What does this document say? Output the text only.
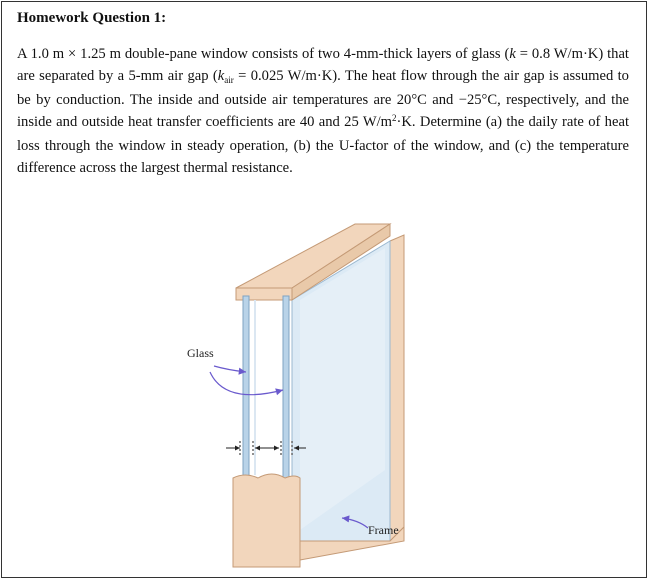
Homework Question 1:

A 1.0 m × 1.25 m double-pane window consists of two 4-mm-thick layers of glass (k = 0.8 W/m·K) that are separated by a 5-mm air gap ($k_{air} = 0.025$ W/m·K). The heat flow through the air gap is assumed to be by conduction. The inside and outside air temperatures are 20°C and −25°C, respectively, and the inside and outside heat transfer coefficients are 40 and 25 $W/m^2\cdot K$. Determine (a) the daily rate of heat loss through the window in steady operation, (b) the U-factor of the window, and (c) the temperature difference across the largest thermal resistance.

Glass
Frame
